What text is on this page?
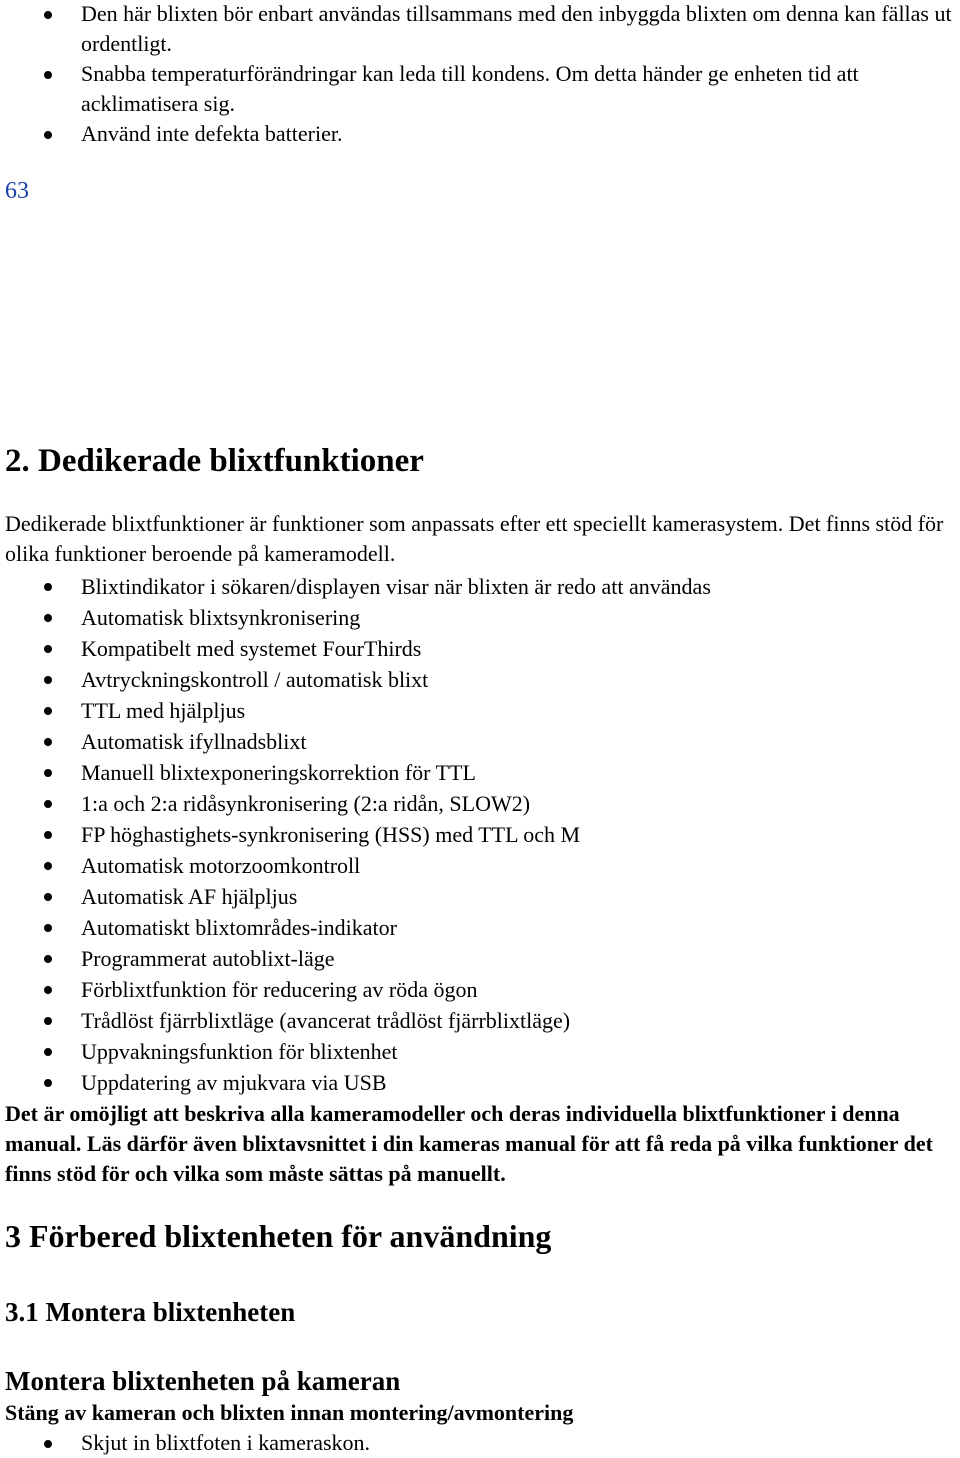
Den här blixten bör enbart användas tillsammans med den inbyggda blixten om denna kan fällas ut ordentligt.
Snabba temperaturförändringar kan leda till kondens. Om detta händer ge enheten tid att acklimatisera sig.
Använd inte defekta batterier.
63
2. Dedikerade blixtfunktioner

Dedikerade blixtfunktioner är funktioner som anpassats efter ett speciellt kamerasystem. Det finns stöd för olika funktioner beroende på kameramodell.

Blixtindikator i sökaren/displayen visar när blixten är redo att användas
Automatisk blixtsynkronisering
Kompatibelt med systemet FourThirds
Avtryckningskontroll / automatisk blixt
TTL med hjälpljus
Automatisk ifyllnadsblixt
Manuell blixtexponeringskorrektion för TTL
1:a och 2:a ridåsynkronisering (2:a ridån, SLOW2)
FP höghastighets-synkronisering (HSS) med TTL och M
Automatisk motorzoomkontroll
Automatisk AF hjälpljus
Automatiskt blixtområdes-indikator
Programmerat autoblixt-läge
Förblixtfunktion för reducering av röda ögon
Trådlöst fjärrblixtläge (avancerat trådlöst fjärrblixtläge)
Uppvakningsfunktion för blixtenhet
Uppdatering av mjukvara via USB

Det är omöjligt att beskriva alla kameramodeller och deras individuella blixtfunktioner i denna manual. Läs därför även blixtavsnittet i din kameras manual för att få reda på vilka funktioner det finns stöd för och vilka som måste sättas på manuellt.

3 Förbered blixtenheten för användning
3.1 Montera blixtenheten
Montera blixtenheten på kameran

Stäng av kameran och blixten innan montering/avmontering

Skjut in blixtfoten i kameraskon.
